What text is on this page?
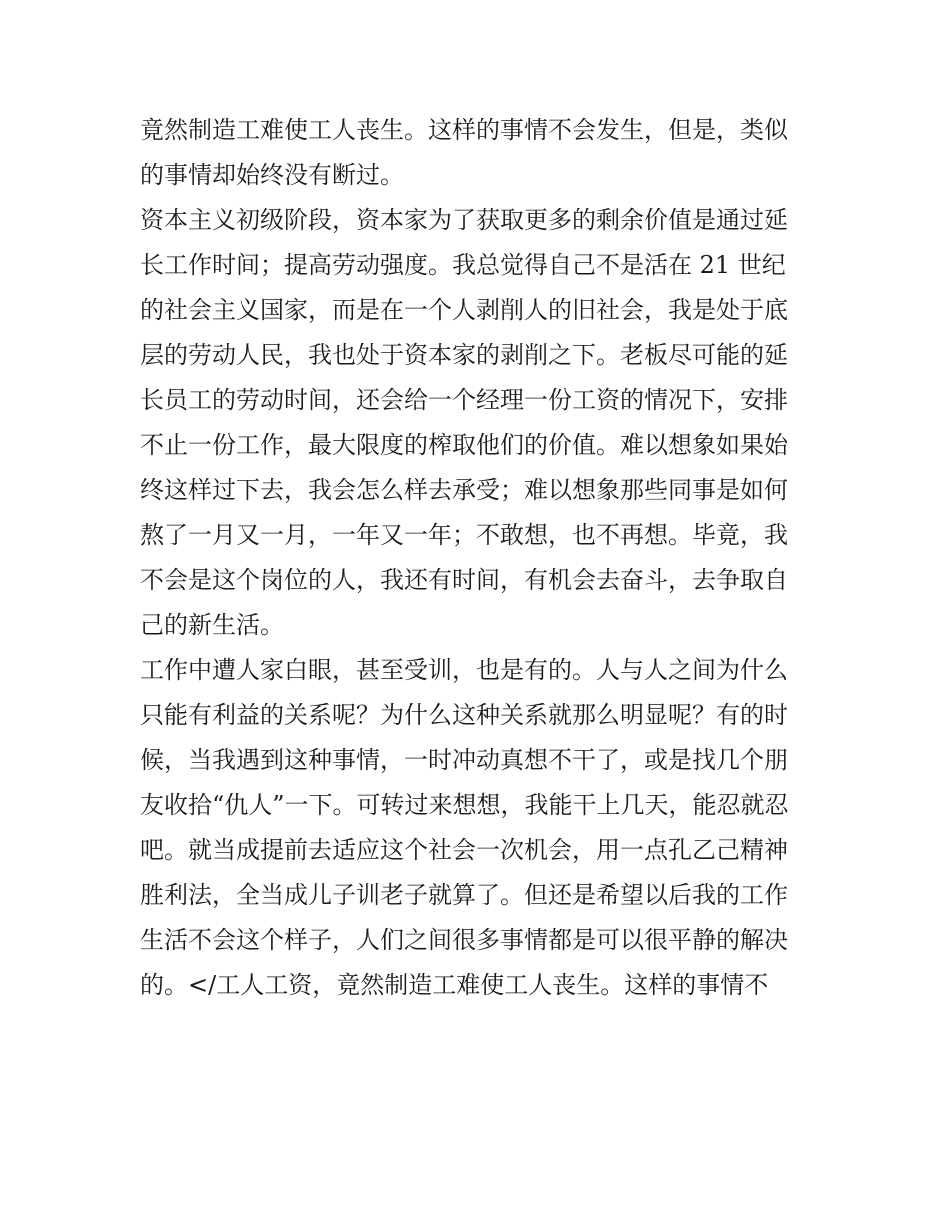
竟然制造工难使工人丧生。这样的事情不会发生，但是，类似
的事情却始终没有断过。
资本主义初级阶段，资本家为了获取更多的剩余价值是通过延
长工作时间；提高劳动强度。我总觉得自己不是活在 21 世纪
的社会主义国家，而是在一个人剥削人的旧社会，我是处于底
层的劳动人民，我也处于资本家的剥削之下。老板尽可能的延
长员工的劳动时间，还会给一个经理一份工资的情况下，安排
不止一份工作，最大限度的榨取他们的价值。难以想象如果始
终这样过下去，我会怎么样去承受；难以想象那些同事是如何
熬了一月又一月，一年又一年；不敢想，也不再想。毕竟，我
不会是这个岗位的人，我还有时间，有机会去奋斗，去争取自
己的新生活。
工作中遭人家白眼，甚至受训，也是有的。人与人之间为什么
只能有利益的关系呢？为什么这种关系就那么明显呢？有的时
候，当我遇到这种事情，一时冲动真想不干了，或是找几个朋
友收拾“仇人”一下。可转过来想想，我能干上几天，能忍就忍
吧。就当成提前去适应这个社会一次机会，用一点孔乙己精神
胜利法，全当成儿子训老子就算了。但还是希望以后我的工作
生活不会这个样子，人们之间很多事情都是可以很平静的解决
的。</工人工资，竟然制造工难使工人丧生。这样的事情不
